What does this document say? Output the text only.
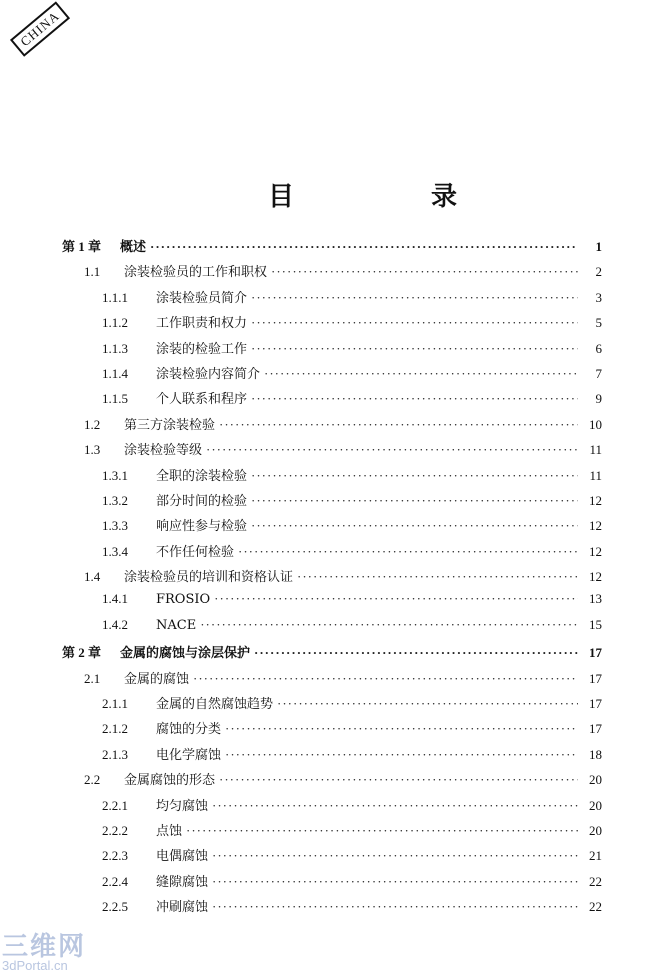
CHINA
目 录
第 1 章	概述 ·····	1
1.1	涂装检验员的工作和职权 ·····	2
1.1.1	涂装检验员简介 ·····	3
1.1.2	工作职责和权力 ·····	5
1.1.3	涂装的检验工作 ·····	6
1.1.4	涂装检验内容简介 ·····	7
1.1.5	个人联系和程序 ·····	9
1.2	第三方涂装检验 ·····	10
1.3	涂装检验等级 ·····	11
1.3.1	全职的涂装检验 ·····	11
1.3.2	部分时间的检验 ·····	12
1.3.3	响应性参与检验 ·····	12
1.3.4	不作任何检验 ·····	12
1.4	涂装检验员的培训和资格认证 ·····	12
1.4.1	FROSIO ·····	13
1.4.2	NACE ·····	15
第 2 章	金属的腐蚀与涂层保护 ·····	17
2.1	金属的腐蚀 ·····	17
2.1.1	金属的自然腐蚀趋势 ·····	17
2.1.2	腐蚀的分类 ·····	17
2.1.3	电化学腐蚀 ·····	18
2.2	金属腐蚀的形态 ·····	20
2.2.1	均匀腐蚀 ·····	20
2.2.2	点蚀 ·····	20
2.2.3	电偶腐蚀 ·····	21
2.2.4	缝隙腐蚀 ·····	22
2.2.5	冲刷腐蚀 ·····	22
三维网
3dPortal.cn
